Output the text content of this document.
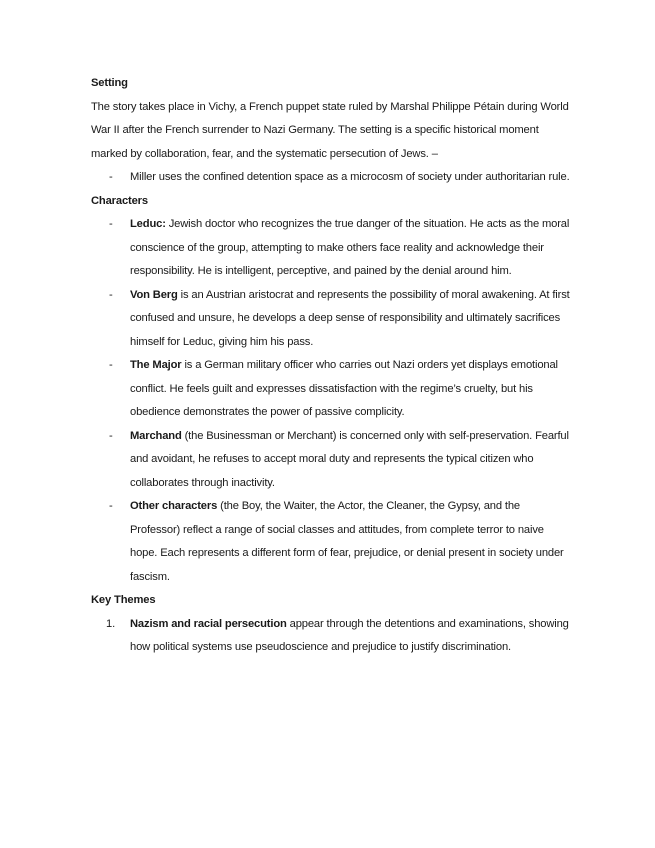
Setting

The story takes place in Vichy, a French puppet state ruled by Marshal Philippe Pétain during World War II after the French surrender to Nazi Germany. The setting is a specific historical moment marked by collaboration, fear, and the systematic persecution of Jews. –

- Miller uses the confined detention space as a microcosm of society under authoritarian rule.

Characters

- Leduc: Jewish doctor who recognizes the true danger of the situation. He acts as the moral conscience of the group, attempting to make others face reality and acknowledge their responsibility. He is intelligent, perceptive, and pained by the denial around him.
- Von Berg is an Austrian aristocrat and represents the possibility of moral awakening. At first confused and unsure, he develops a deep sense of responsibility and ultimately sacrifices himself for Leduc, giving him his pass.
- The Major is a German military officer who carries out Nazi orders yet displays emotional conflict. He feels guilt and expresses dissatisfaction with the regime’s cruelty, but his obedience demonstrates the power of passive complicity.
- Marchand (the Businessman or Merchant) is concerned only with self-preservation. Fearful and avoidant, he refuses to accept moral duty and represents the typical citizen who collaborates through inactivity.
- Other characters (the Boy, the Waiter, the Actor, the Cleaner, the Gypsy, and the Professor) reflect a range of social classes and attitudes, from complete terror to naive hope. Each represents a different form of fear, prejudice, or denial present in society under fascism.

Key Themes

1. Nazism and racial persecution appear through the detentions and examinations, showing how political systems use pseudoscience and prejudice to justify discrimination.
